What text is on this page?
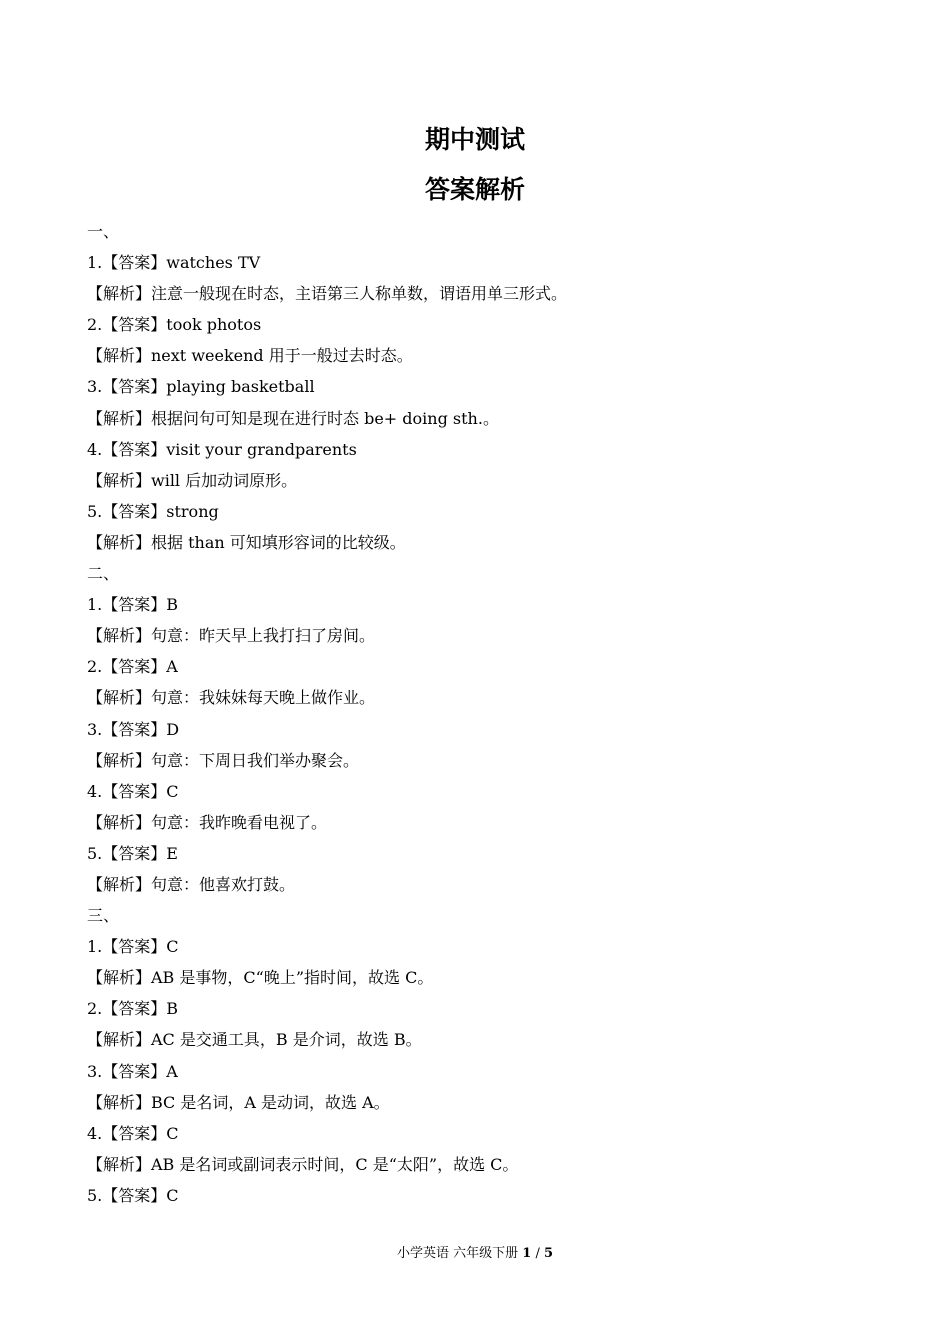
期中测试
答案解析
一、
1.【答案】watches TV
【解析】注意一般现在时态，主语第三人称单数，谓语用单三形式。
2.【答案】took photos
【解析】next weekend 用于一般过去时态。
3.【答案】playing basketball
【解析】根据问句可知是现在进行时态 be+ doing sth.。
4.【答案】visit your grandparents
【解析】will 后加动词原形。
5.【答案】strong
【解析】根据 than 可知填形容词的比较级。
二、
1.【答案】B
【解析】句意：昨天早上我打扫了房间。
2.【答案】A
【解析】句意：我妹妹每天晚上做作业。
3.【答案】D
【解析】句意：下周日我们举办聚会。
4.【答案】C
【解析】句意：我昨晚看电视了。
5.【答案】E
【解析】句意：他喜欢打鼓。
三、
1.【答案】C
【解析】AB 是事物，C“晚上”指时间，故选 C。
2.【答案】B
【解析】AC 是交通工具，B 是介词，故选 B。
3.【答案】A
【解析】BC 是名词，A 是动词，故选 A。
4.【答案】C
【解析】AB 是名词或副词表示时间，C 是“太阳”，故选 C。
5.【答案】C
小学英语 六年级下册 1 / 5
